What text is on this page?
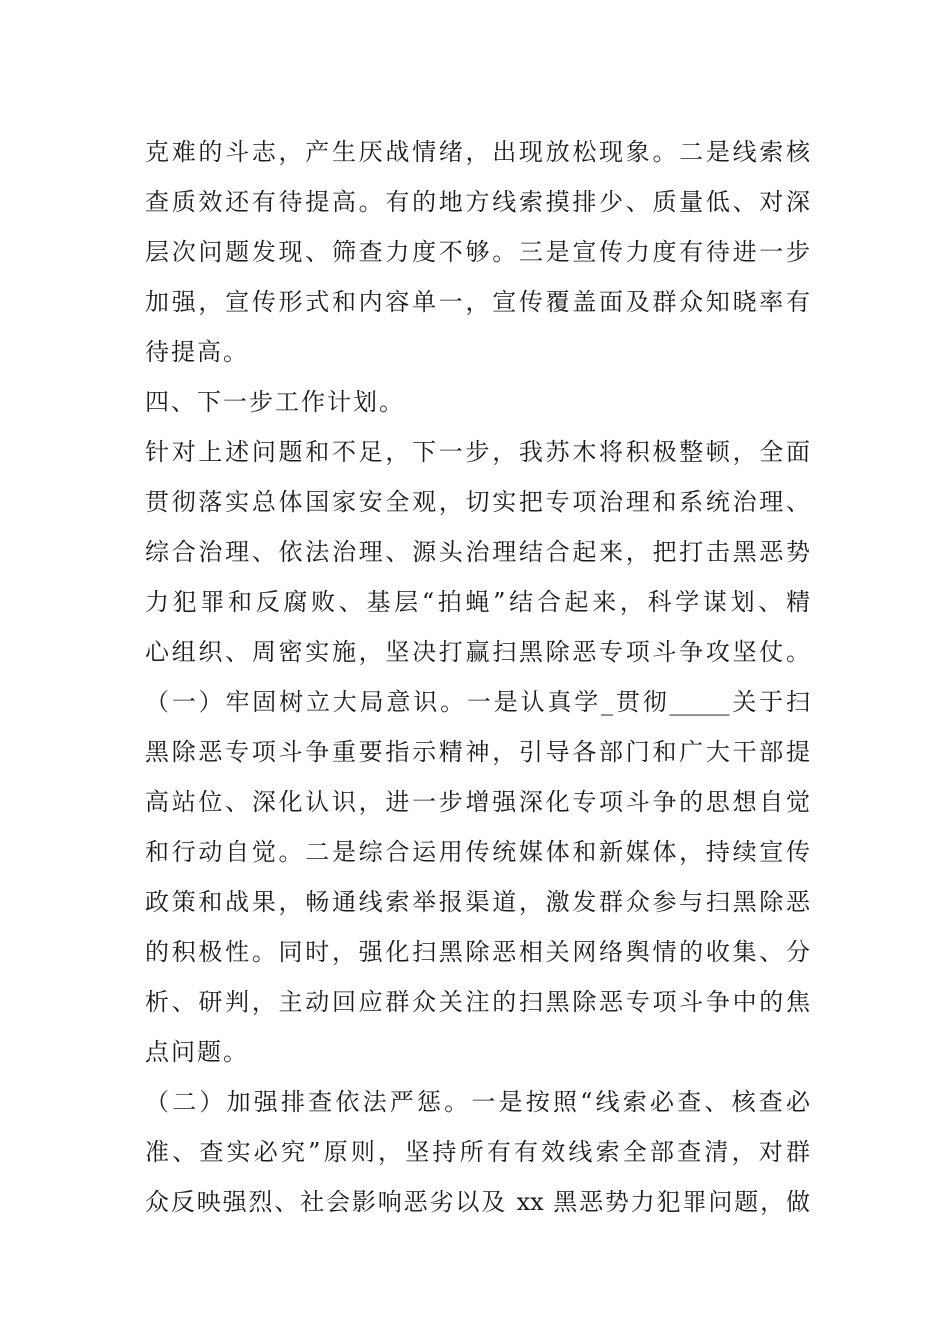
克难的斗志，产生厌战情绪，出现放松现象。二是线索核
查质效还有待提高。有的地方线索摸排少、质量低、对深
层次问题发现、筛查力度不够。三是宣传力度有待进一步
加强，宣传形式和内容单一，宣传覆盖面及群众知晓率有
待提高。
四、下一步工作计划。
针对上述问题和不足，下一步，我苏木将积极整顿，全面
贯彻落实总体国家安全观，切实把专项治理和系统治理、
综合治理、依法治理、源头治理结合起来，把打击黑恶势
力犯罪和反腐败、基层“拍蝇”结合起来，科学谋划、精
心组织、周密实施，坚决打赢扫黑除恶专项斗争攻坚仗。
（一）牢固树立大局意识。一是认真学_贯彻_____关于扫
黑除恶专项斗争重要指示精神，引导各部门和广大干部提
高站位、深化认识，进一步增强深化专项斗争的思想自觉
和行动自觉。二是综合运用传统媒体和新媒体，持续宣传
政策和战果，畅通线索举报渠道，激发群众参与扫黑除恶
的积极性。同时，强化扫黑除恶相关网络舆情的收集、分
析、研判，主动回应群众关注的扫黑除恶专项斗争中的焦
点问题。
（二）加强排查依法严惩。一是按照“线索必查、核查必
准、查实必究”原则，坚持所有有效线索全部查清，对群
众反映强烈、社会影响恶劣以及 xx 黑恶势力犯罪问题，做
